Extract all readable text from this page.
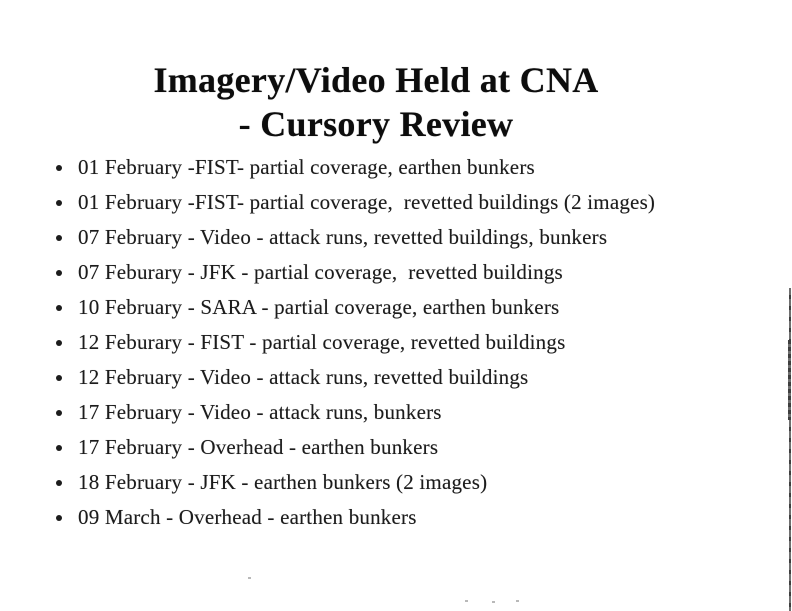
Imagery/Video Held at CNA
- Cursory Review
01 February -FIST- partial coverage, earthen bunkers
01 February -FIST- partial coverage,  revetted buildings (2 images)
07 February - Video - attack runs, revetted buildings, bunkers
07 Feburary - JFK - partial coverage,  revetted buildings
10 February - SARA - partial coverage, earthen bunkers
12 Feburary - FIST - partial coverage, revetted buildings
12 February - Video - attack runs, revetted buildings
17 February - Video - attack runs, bunkers
17 February - Overhead - earthen bunkers
18 February - JFK - earthen bunkers (2 images)
09 March - Overhead - earthen bunkers
